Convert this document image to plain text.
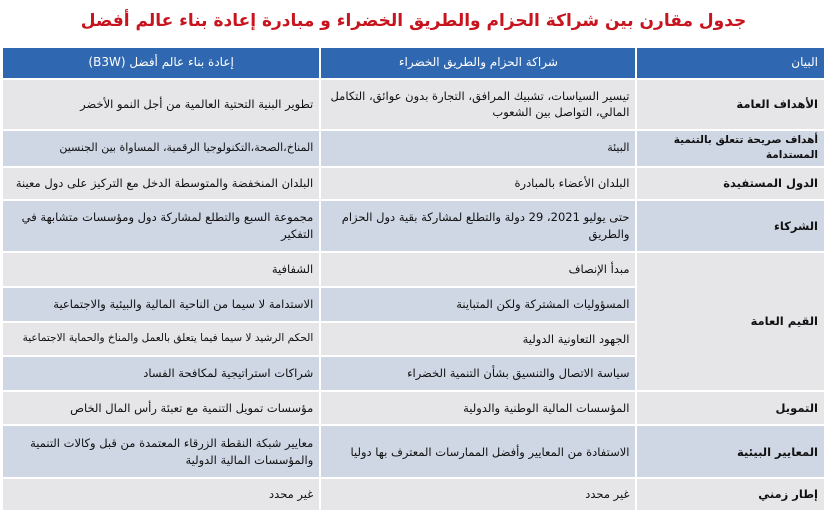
جدول مقارن بين شراكة الحزام والطريق الخضراء و مبادرة إعادة بناء عالم أفضل
البيان	شراكة الحزام والطريق الخضراء	إعادة بناء عالم أفضل (B3W)
الأهداف العامة	تيسير السياسات، تشبيك المرافق، التجارة بدون عوائق، التكامل المالي، التواصل بين الشعوب	تطوير البنية التحتية العالمية من أجل النمو الأخضر
أهداف صريحة تتعلق بالتنمية المستدامة	البيئة	المناخ،الصحة،التكنولوجيا الرقمية، المساواة بين الجنسين
الدول المستفيدة	البلدان الأعضاء بالمبادرة	البلدان المنخفضة والمتوسطة الدخل مع التركيز على دول معينة
الشركاء	حتى يوليو 2021، 29 دولة والتطلع لمشاركة بقية دول الحزام والطريق	مجموعة السبع والتطلع لمشاركة دول ومؤسسات متشابهة في التفكير
القيم العامة	مبدأ الإنصاف	الشفافية
	المسؤوليات المشتركة ولكن المتباينة	الاستدامة لا سيما من الناحية المالية والبيئية والاجتماعية
	الجهود التعاونية الدولية	الحكم الرشيد لا سيما فيما يتعلق بالعمل والمناخ والحماية الاجتماعية
	سياسة الاتصال والتنسيق بشأن التنمية الخضراء	شراكات استراتيجية لمكافحة الفساد
التمويل	المؤسسات المالية الوطنية والدولية	مؤسسات تمويل التنمية مع تعبئة رأس المال الخاص
المعايير البيئية	الاستفادة من المعايير وأفضل الممارسات المعترف بها دوليا	معايير شبكة النقطة الزرقاء المعتمدة من قبل وكالات التنمية والمؤسسات المالية الدولية
إطار زمني	غير محدد	غير محدد
